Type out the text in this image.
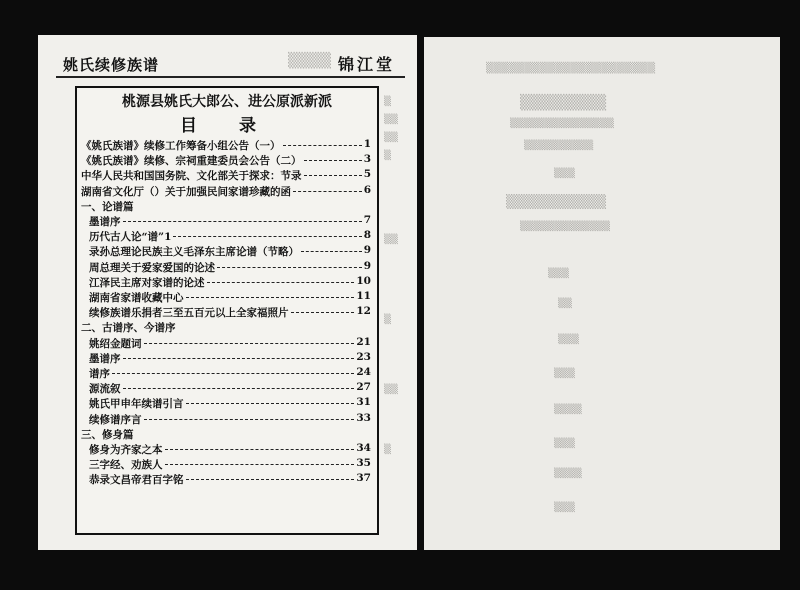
▒▒▒▒
▒
▒▒
▒▒
▒
▒▒
▒
▒▒
▒
姚氏续修族谱	锦江堂
桃源县姚氏大郎公、进公原派新派
目 录
《姚氏族谱》续修工作筹备小组公告（一）	1
《姚氏族谱》续修、宗祠重建委员会公告（二）	3
中华人民共和国国务院、文化部关于探求：节录	5
湖南省文化厅（）关于加强民间家谱珍藏的函	6
一、论谱篇
墨谱序	7
历代古人论“谱”1	8
录孙总理论民族主义毛泽东主席论谱（节略）	9
周总理关于爱家爱国的论述	9
江泽民主席对家谱的论述	10
湖南省家谱收藏中心	11
续修族谱乐捐者三至五百元以上全家福照片	12
二、古谱序、今谱序
姚绍金题词	21
墨谱序	23
谱序	24
源流叙	27
姚氏甲申年续谱引言	31
续修谱序言	33
三、修身篇
修身为齐家之本	34
三字经、劝族人	35
恭录文昌帝君百字铭	37
▒▒▒▒▒▒▒▒▒▒▒▒▒▒▒▒▒▒▒▒▒▒
▒▒▒▒▒▒▒▒
▒▒▒▒▒▒▒▒▒▒▒▒▒▒▒
▒▒▒▒▒▒▒▒▒▒
▒▒▒
▒▒▒▒▒▒▒▒▒▒
▒▒▒▒▒▒▒▒▒▒▒▒▒
▒▒▒
▒▒
▒▒▒
▒▒▒
▒▒▒▒
▒▒▒
▒▒▒▒
▒▒▒
